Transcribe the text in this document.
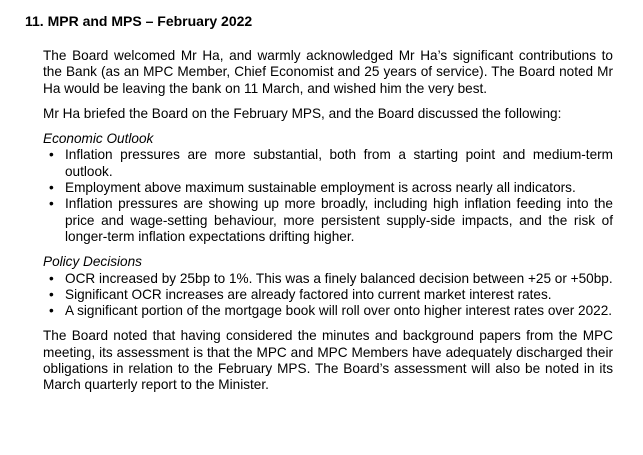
11. MPR and MPS – February 2022

The Board welcomed Mr Ha, and warmly acknowledged Mr Ha’s significant contributions to the Bank (as an MPC Member, Chief Economist and 25 years of service). The Board noted Mr Ha would be leaving the bank on 11 March, and wished him the very best.

Mr Ha briefed the Board on the February MPS, and the Board discussed the following:

Economic Outlook

• Inflation pressures are more substantial, both from a starting point and medium-term outlook.
• Employment above maximum sustainable employment is across nearly all indicators.
• Inflation pressures are showing up more broadly, including high inflation feeding into the price and wage-setting behaviour, more persistent supply-side impacts, and the risk of longer-term inflation expectations drifting higher.

Policy Decisions

• OCR increased by 25bp to 1%. This was a finely balanced decision between +25 or +50bp.
• Significant OCR increases are already factored into current market interest rates.
• A significant portion of the mortgage book will roll over onto higher interest rates over 2022.

The Board noted that having considered the minutes and background papers from the MPC meeting, its assessment is that the MPC and MPC Members have adequately discharged their obligations in relation to the February MPS. The Board’s assessment will also be noted in its March quarterly report to the Minister.
